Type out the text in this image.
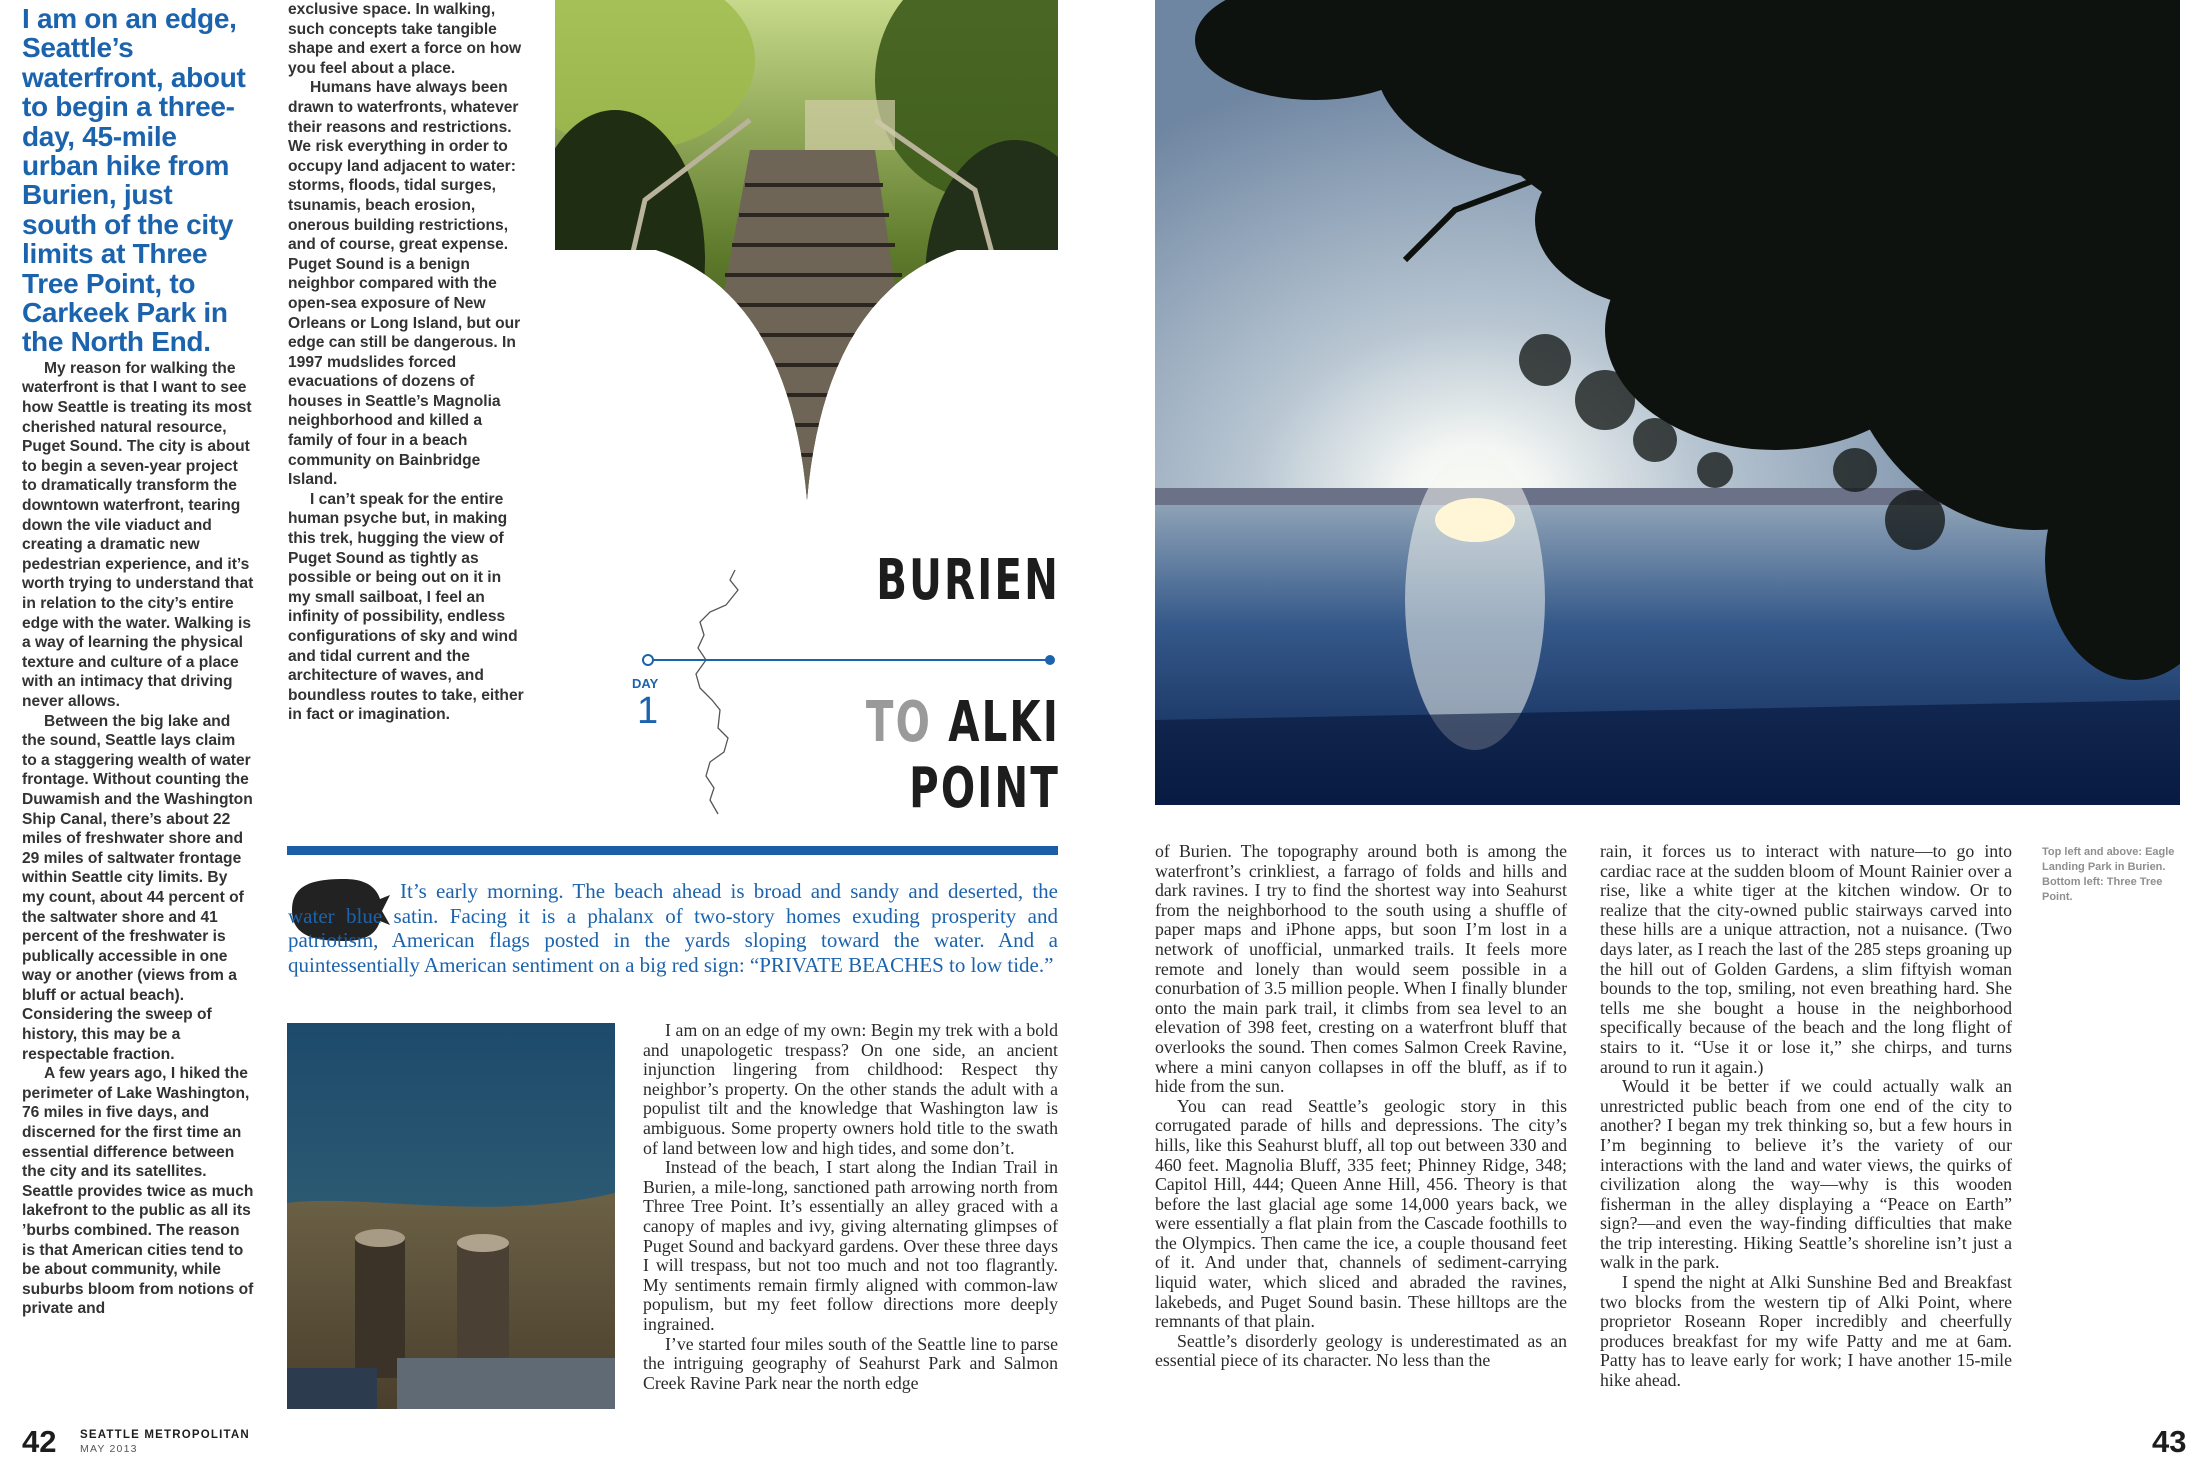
I am on an edge, Seattle’s waterfront, about to begin a three-day, 45-mile urban hike from Burien, just south of the city limits at Three Tree Point, to Carkeek Park in the North End.

My reason for walking the waterfront is that I want to see how Seattle is treating its most cherished natural resource, Puget Sound. The city is about to begin a seven-year project to dramatically transform the downtown waterfront, tearing down the vile viaduct and creating a dramatic new pedestrian experience, and it’s worth trying to understand that in relation to the city’s entire edge with the water. Walking is a way of learning the physical texture and culture of a place with an intimacy that driving never allows.

Between the big lake and the sound, Seattle lays claim to a staggering wealth of water frontage. Without counting the Duwamish and the Washington Ship Canal, there’s about 22 miles of freshwater shore and 29 miles of saltwater frontage within Seattle city limits. By my count, about 44 percent of the saltwater shore and 41 percent of the freshwater is publically accessible in one way or another (views from a bluff or actual beach). Considering the sweep of history, this may be a respectable fraction.

A few years ago, I hiked the perimeter of Lake Washington, 76 miles in five days, and discerned for the first time an essential difference between the city and its satellites. Seattle provides twice as much lakefront to the public as all its ’burbs combined. The reason is that American cities tend to be about community, while suburbs bloom from notions of private and

exclusive space. In walking, such concepts take tangible shape and exert a force on how you feel about a place.

Humans have always been drawn to waterfronts, whatever their reasons and restrictions. We risk everything in order to occupy land adjacent to water: storms, floods, tidal surges, tsunamis, beach erosion, onerous building restrictions, and of course, great expense. Puget Sound is a benign neighbor compared with the open-sea exposure of New Orleans or Long Island, but our edge can still be dangerous. In 1997 mudslides forced evacuations of dozens of houses in Seattle’s Magnolia neighborhood and killed a family of four in a beach community on Bainbridge Island.

I can’t speak for the entire human psyche but, in making this trek, hugging the view of Puget Sound as tightly as possible or being out on it in my small sailboat, I feel an infinity of possibility, endless configurations of sky and wind and tidal current and the architecture of waves, and boundless routes to take, either in fact or imagination.

BURIEN
TO ALKI
POINT
DAY
1
It’s early morning. The beach ahead is broad and sandy and deserted, the water blue satin. Facing it is a phalanx of two-story homes exuding prosperity and patriotism, American flags posted in the yards sloping toward the water. And a quintessentially American sentiment on a big red sign: “PRIVATE BEACHES to low tide.”

I am on an edge of my own: Begin my trek with a bold and unapologetic trespass? On one side, an ancient injunction lingering from childhood: Respect thy neighbor’s property. On the other stands the adult with a populist tilt and the knowledge that Washington law is ambiguous. Some property owners hold title to the swath of land between low and high tides, and some don’t.

Instead of the beach, I start along the Indian Trail in Burien, a mile-long, sanctioned path arrowing north from Three Tree Point. It’s essentially an alley graced with a canopy of maples and ivy, giving alternating glimpses of Puget Sound and backyard gardens. Over these three days I will trespass, but not too much and not too flagrantly. My sentiments remain firmly aligned with common-law populism, but my feet follow directions more deeply ingrained.

I’ve started four miles south of the Seattle line to parse the intriguing geography of Seahurst Park and Salmon Creek Ravine Park near the north edge

42 SEATTLE METROPOLITAN
MAY 2013

of Burien. The topography around both is among the waterfront’s crinkliest, a farrago of folds and hills and dark ravines. I try to find the shortest way into Seahurst from the neighborhood to the south using a shuffle of paper maps and iPhone apps, but soon I’m lost in a network of unofficial, unmarked trails. It feels more remote and lonely than would seem possible in a conurbation of 3.5 million people. When I finally blunder onto the main park trail, it climbs from sea level to an elevation of 398 feet, cresting on a waterfront bluff that overlooks the sound. Then comes Salmon Creek Ravine, where a mini canyon collapses in off the bluff, as if to hide from the sun.

You can read Seattle’s geologic story in this corrugated parade of hills and depressions. The city’s hills, like this Seahurst bluff, all top out between 330 and 460 feet. Magnolia Bluff, 335 feet; Phinney Ridge, 348; Capitol Hill, 444; Queen Anne Hill, 456. Theory is that before the last glacial age some 14,000 years back, we were essentially a flat plain from the Cascade foothills to the Olympics. Then came the ice, a couple thousand feet of it. And under that, channels of sediment-carrying liquid water, which sliced and abraded the ravines, lakebeds, and Puget Sound basin. These hilltops are the remnants of that plain.

Seattle’s disorderly geology is underestimated as an essential piece of its character. No less than the

rain, it forces us to interact with nature—to go into cardiac race at the sudden bloom of Mount Rainier over a rise, like a white tiger at the kitchen window. Or to realize that the city-owned public stairways carved into these hills are a unique attraction, not a nuisance. (Two days later, as I reach the last of the 285 steps groaning up the hill out of Golden Gardens, a slim fiftyish woman bounds to the top, smiling, not even breathing hard. She tells me she bought a house in the neighborhood specifically because of the beach and the long flight of stairs to it. “Use it or lose it,” she chirps, and turns around to run it again.)

Would it be better if we could actually walk an unrestricted public beach from one end of the city to another? I began my trek thinking so, but a few hours in I’m beginning to believe it’s the variety of our interactions with the land and water views, the quirks of civilization along the way—why is this wooden fisherman in the alley displaying a “Peace on Earth” sign?—and even the way-finding difficulties that make the trip interesting. Hiking Seattle’s shoreline isn’t just a walk in the park.

I spend the night at Alki Sunshine Bed and Breakfast two blocks from the western tip of Alki Point, where proprietor Roseann Roper incredibly and cheerfully produces breakfast for my wife Patty and me at 6am. Patty has to leave early for work; I have another 15-mile hike ahead.

Top left and above: Eagle Landing Park in Burien. Bottom left: Three Tree Point.
43
